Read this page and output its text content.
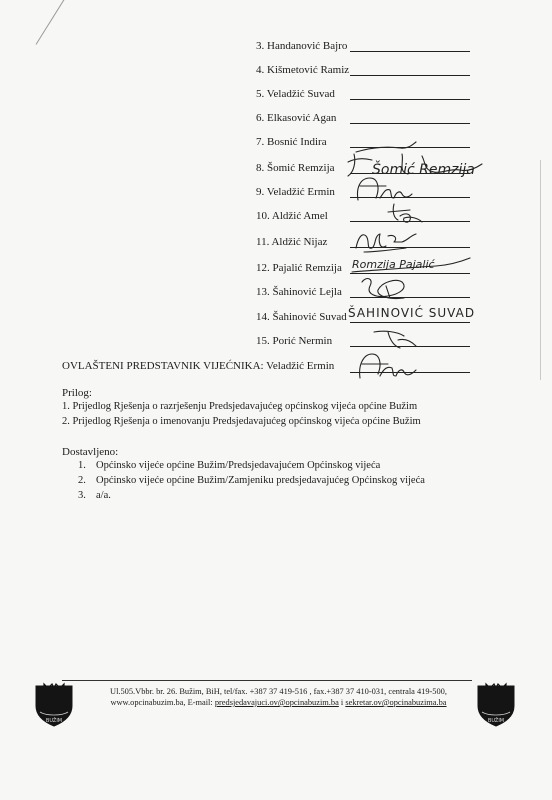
3. Handanović Bajro
4. Kišmetović Ramiz
5. Veladžić Suvad
6. Elkasović Agan
7. Bosnić Indira
8. Šomić Remzija
9. Veladžić Ermin
10. Aldžić Amel
11. Aldžić Nijaz
12. Pajalić Remzija
13. Šahinović Lejla
14. Šahinović Suvad
15. Porić Nermin
Šomić Remzija
Romzija Pajalić
ŠAHINOVIĆ SUVAD
OVLAŠTENI PREDSTAVNIK VIJEĆNIKA: Veladžić Ermin
Prilog:
1. Prijedlog Rješenja o razrješenju Predsjedavajućeg općinskog vijeća općine Bužim
2. Prijedlog Rješenja o imenovanju Predsjedavajućeg općinskog vijeća općine Bužim
Dostavljeno:
1. Općinsko vijeće općine Bužim/Predsjedavajućem Općinskog vijeća
2. Općinsko vijeće općine Bužim/Zamjeniku predsjedavajućeg Općinskog vijeća
3. a/a.
BUŽIM	BUŽIM
Ul.505.Vbbr. br. 26. Bužim, BiH, tel/fax. +387 37 419-516 , fax.+387 37 410-031, centrala 419-500,
www.opcinabuzim.ba, E-mail: predsjedavajuci.ov@opcinabuzim.ba i sekretar.ov@opcinabuzima.ba
